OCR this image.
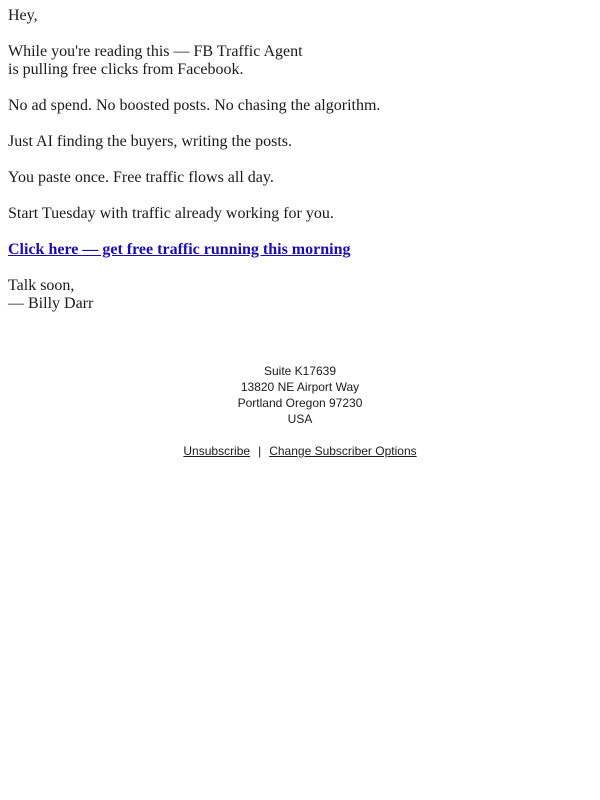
Hey,

While you're reading this — FB Traffic Agent
is pulling free clicks from Facebook.

No ad spend. No boosted posts. No chasing the algorithm.

Just AI finding the buyers, writing the posts.

You paste once. Free traffic flows all day.

Start Tuesday with traffic already working for you.

Click here — get free traffic running this morning

Talk soon,
— Billy Darr

Suite K17639
13820 NE Airport Way
Portland Oregon 97230
USA
Unsubscribe | Change Subscriber Options
